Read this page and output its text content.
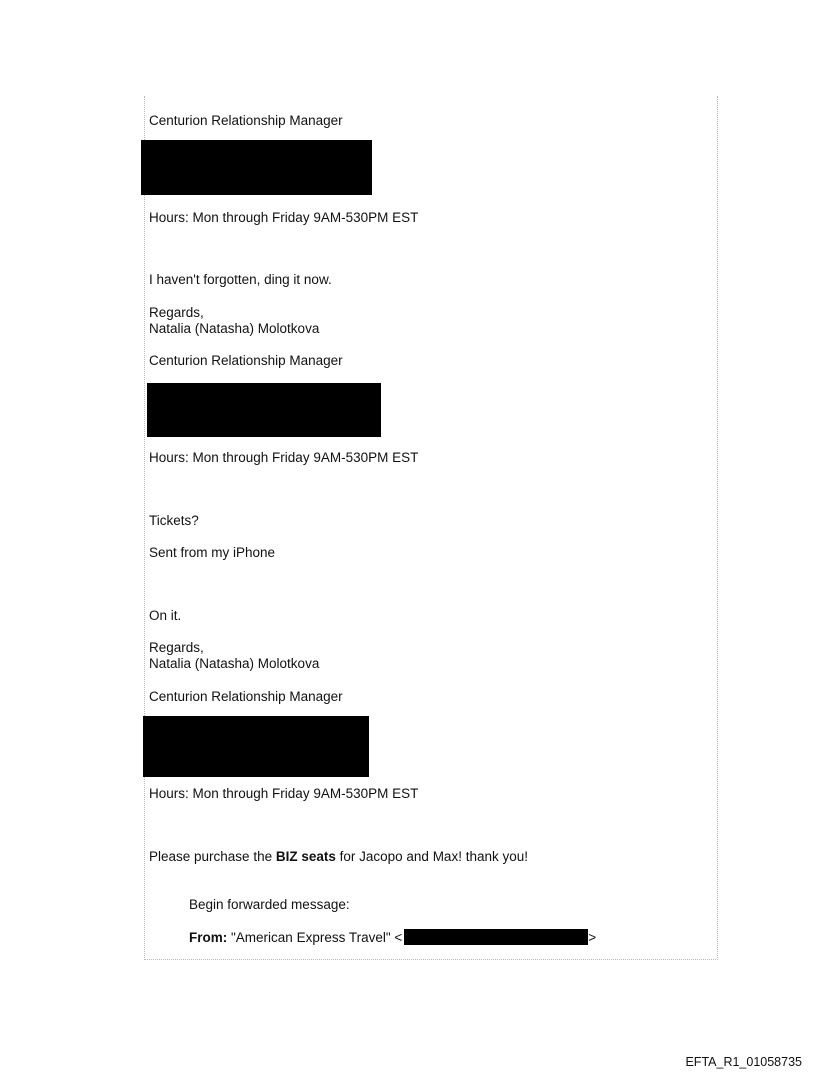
Centurion Relationship Manager
Hours: Mon through Friday 9AM-530PM EST
I haven't forgotten, ding it now.
Regards,
Natalia (Natasha) Molotkova
Centurion Relationship Manager
Hours: Mon through Friday 9AM-530PM EST
Tickets?
Sent from my iPhone
On it.
Regards,
Natalia (Natasha) Molotkova
Centurion Relationship Manager
Hours: Mon through Friday 9AM-530PM EST
Please purchase the BIZ seats for Jacopo and Max! thank you!
Begin forwarded message:
From: "American Express Travel" <	>
EFTA_R1_01058735
